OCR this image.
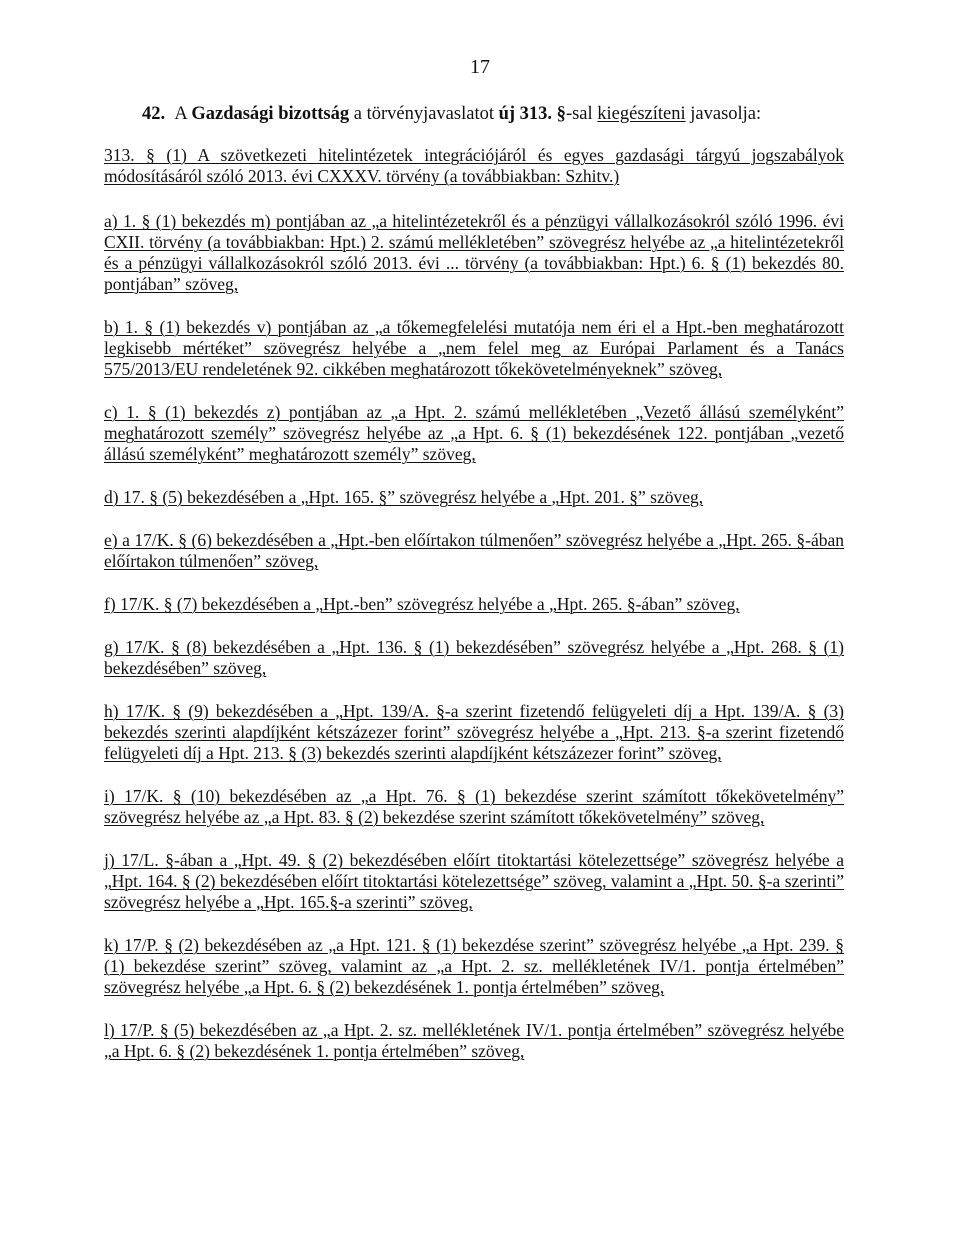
17
42. A Gazdasági bizottság a törvényjavaslatot új 313. §-sal kiegészíteni javasolja:

313. § (1) A szövetkezeti hitelintézetek integrációjáról és egyes gazdasági tárgyú jogszabályok módosításáról szóló 2013. évi CXXXV. törvény (a továbbiakban: Szhitv.)

a) 1. § (1) bekezdés m) pontjában az „a hitelintézetekről és a pénzügyi vállalkozásokról szóló 1996. évi CXII. törvény (a továbbiakban: Hpt.) 2. számú mellékletében” szövegrész helyébe az „a hitelintézetekről és a pénzügyi vállalkozásokról szóló 2013. évi ... törvény (a továbbiakban: Hpt.) 6. § (1) bekezdés 80. pontjában” szöveg,

b) 1. § (1) bekezdés v) pontjában az „a tőkemegfelelési mutatója nem éri el a Hpt.-ben meghatározott legkisebb mértéket” szövegrész helyébe a „nem felel meg az Európai Parlament és a Tanács 575/2013/EU rendeletének 92. cikkében meghatározott tőkekövetelményeknek” szöveg,

c) 1. § (1) bekezdés z) pontjában az „a Hpt. 2. számú mellékletében „Vezető állású személyként” meghatározott személy” szövegrész helyébe az „a Hpt. 6. § (1) bekezdésének 122. pontjában „vezető állású személyként” meghatározott személy” szöveg,

d) 17. § (5) bekezdésében a „Hpt. 165. §” szövegrész helyébe a „Hpt. 201. §” szöveg,

e) a 17/K. § (6) bekezdésében a „Hpt.-ben előírtakon túlmenően” szövegrész helyébe a „Hpt. 265. §-ában előírtakon túlmenően” szöveg,

f) 17/K. § (7) bekezdésében a „Hpt.-ben” szövegrész helyébe a „Hpt. 265. §-ában” szöveg,

g) 17/K. § (8) bekezdésében a „Hpt. 136. § (1) bekezdésében” szövegrész helyébe a „Hpt. 268. § (1) bekezdésében” szöveg,

h) 17/K. § (9) bekezdésében a „Hpt. 139/A. §-a szerint fizetendő felügyeleti díj a Hpt. 139/A. § (3) bekezdés szerinti alapdíjként kétszázezer forint” szövegrész helyébe a „Hpt. 213. §-a szerint fizetendő felügyeleti díj a Hpt. 213. § (3) bekezdés szerinti alapdíjként kétszázezer forint” szöveg,

i) 17/K. § (10) bekezdésében az „a Hpt. 76. § (1) bekezdése szerint számított tőkekövetelmény” szövegrész helyébe az „a Hpt. 83. § (2) bekezdése szerint számított tőkekövetelmény” szöveg,

j) 17/L. §-ában a „Hpt. 49. § (2) bekezdésében előírt titoktartási kötelezettsége” szövegrész helyébe a „Hpt. 164. § (2) bekezdésében előírt titoktartási kötelezettsége” szöveg, valamint a „Hpt. 50. §-a szerinti” szövegrész helyébe a „Hpt. 165.§-a szerinti” szöveg,

k) 17/P. § (2) bekezdésében az „a Hpt. 121. § (1) bekezdése szerint” szövegrész helyébe „a Hpt. 239. § (1) bekezdése szerint” szöveg, valamint az „a Hpt. 2. sz. mellékletének IV/1. pontja értelmében” szövegrész helyébe „a Hpt. 6. § (2) bekezdésének 1. pontja értelmében” szöveg,

l) 17/P. § (5) bekezdésében az „a Hpt. 2. sz. mellékletének IV/1. pontja értelmében” szövegrész helyébe „a Hpt. 6. § (2) bekezdésének 1. pontja értelmében” szöveg,
